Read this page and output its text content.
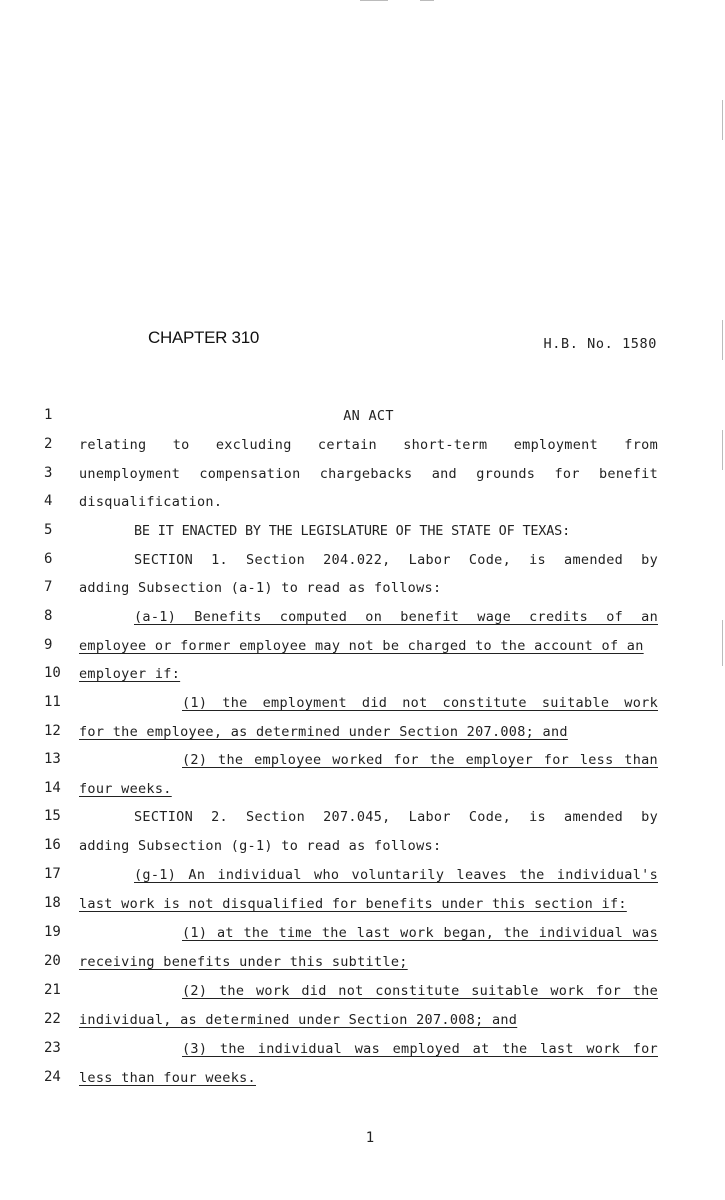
CHAPTER 310	H.B. No. 1580
1	AN ACT
2	relating to excluding certain short-term employment from
3	unemployment compensation chargebacks and grounds for benefit
4	disqualification.
5	BE IT ENACTED BY THE LEGISLATURE OF THE STATE OF TEXAS:
6	SECTION 1. Section 204.022, Labor Code, is amended by
7	adding Subsection (a-1) to read as follows:
8	(a-1) Benefits computed on benefit wage credits of an
9	employee or former employee may not be charged to the account of an
10	employer if:
11	(1) the employment did not constitute suitable work
12	for the employee, as determined under Section 207.008; and
13	(2) the employee worked for the employer for less than
14	four weeks.
15	SECTION 2. Section 207.045, Labor Code, is amended by
16	adding Subsection (g-1) to read as follows:
17	(g-1) An individual who voluntarily leaves the individual's
18	last work is not disqualified for benefits under this section if:
19	(1) at the time the last work began, the individual was
20	receiving benefits under this subtitle;
21	(2) the work did not constitute suitable work for the
22	individual, as determined under Section 207.008; and
23	(3) the individual was employed at the last work for
24	less than four weeks.
1
